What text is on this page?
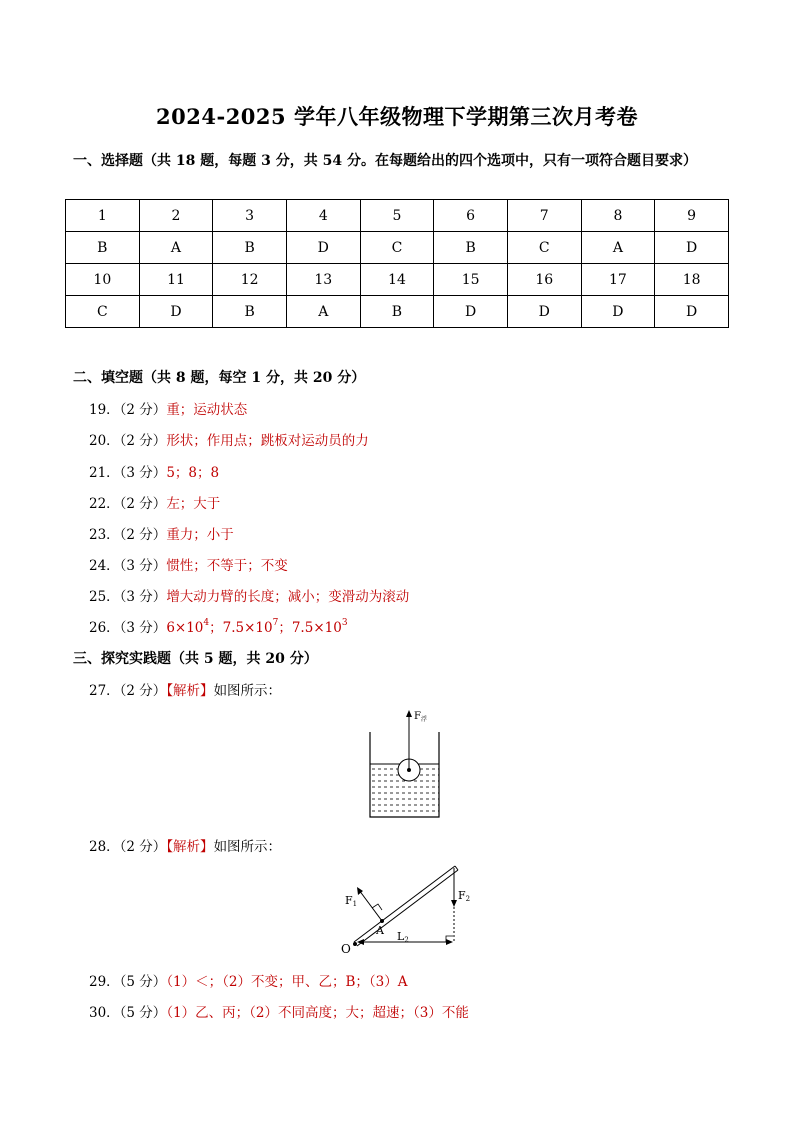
2024-2025 学年八年级物理下学期第三次月考卷
一、选择题（共 18 题，每题 3 分，共 54 分。在每题给出的四个选项中，只有一项符合题目要求）
1	2	3	4	5	6	7	8	9
B	A	B	D	C	B	C	A	D
10	11	12	13	14	15	16	17	18
C	D	B	A	B	D	D	D	D
二、填空题（共 8 题，每空 1 分，共 20 分）
19．（2 分）重；运动状态
20．（2 分）形状；作用点；跳板对运动员的力
21．（3 分）5；8；8
22．（2 分）左；大于
23．（2 分）重力；小于
24．（3 分）惯性；不等于；不变
25．（3 分）增大动力臂的长度；减小；变滑动为滚动
26．（3 分）$6\times 10^4$；$7.5\times 10^7$；$7.5\times 10^3$
三、探究实践题（共 5 题，共 20 分）
27．（2 分）【解析】如图所示：
$F_浮$
28．（2 分）【解析】如图所示：
F1
F2
A L2
O
29．（5 分）（1）＜；（2）不变；甲、乙；B；（3）A
30．（5 分）（1）乙、丙；（2）不同高度；大；超速；（3）不能
